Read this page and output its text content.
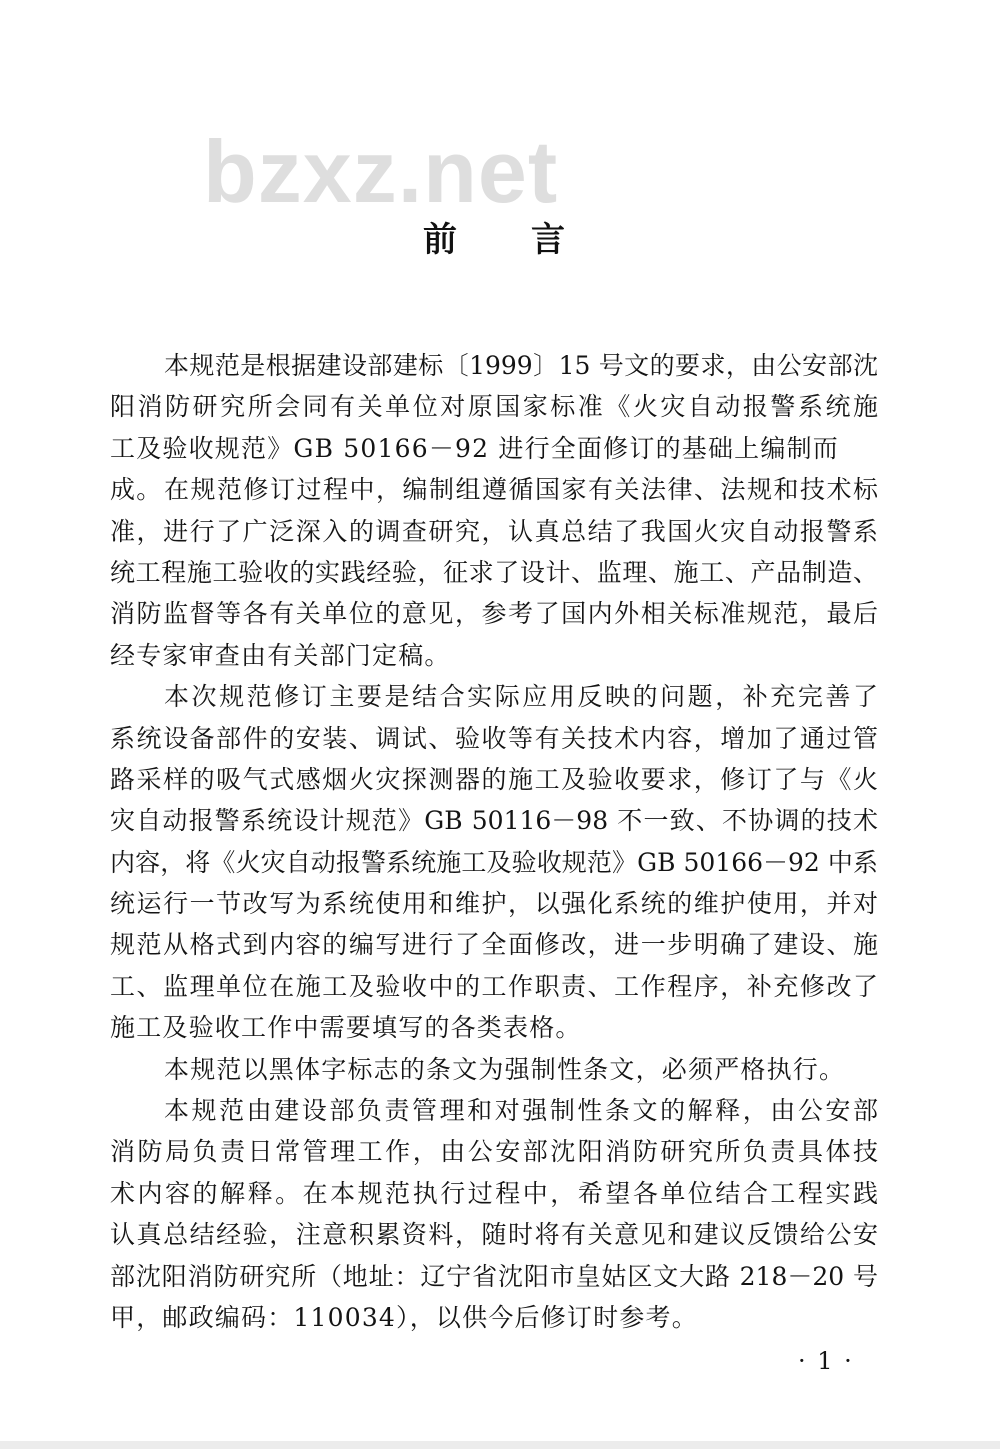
bzxz.net
前　言
本规范是根据建设部建标〔1999〕15 号文的要求，由公安部沈
阳消防研究所会同有关单位对原国家标准《火灾自动报警系统施
工及验收规范》GB 50166－92 进行全面修订的基础上编制而成。 在规范修订过程中，编制组遵循国家有关法律、法规和技术标
准，进行了广泛深入的调查研究，认真总结了我国火灾自动报警系
统工程施工验收的实践经验，征求了设计、监理、施工、产品制造、
消防监督等各有关单位的意见，参考了国内外相关标准规范，最后
经专家审查由有关部门定稿。
本次规范修订主要是结合实际应用反映的问题，补充完善了
系统设备部件的安装、调试、验收等有关技术内容，增加了通过管
路采样的吸气式感烟火灾探测器的施工及验收要求，修订了与《火
灾自动报警系统设计规范》GB 50116－98 不一致、不协调的技术
内容，将《火灾自动报警系统施工及验收规范》GB 50166－92 中系
统运行一节改写为系统使用和维护，以强化系统的维护使用，并对
规范从格式到内容的编写进行了全面修改，进一步明确了建设、施
工、监理单位在施工及验收中的工作职责、工作程序，补充修改了
施工及验收工作中需要填写的各类表格。
本规范以黑体字标志的条文为强制性条文，必须严格执行。
本规范由建设部负责管理和对强制性条文的解释，由公安部
消防局负责日常管理工作，由公安部沈阳消防研究所负责具体技
术内容的解释。在本规范执行过程中，希望各单位结合工程实践
认真总结经验，注意积累资料，随时将有关意见和建议反馈给公安
部沈阳消防研究所（地址：辽宁省沈阳市皇姑区文大路 218－20 号
甲，邮政编码：110034），以供今后修订时参考。
· 1 ·
